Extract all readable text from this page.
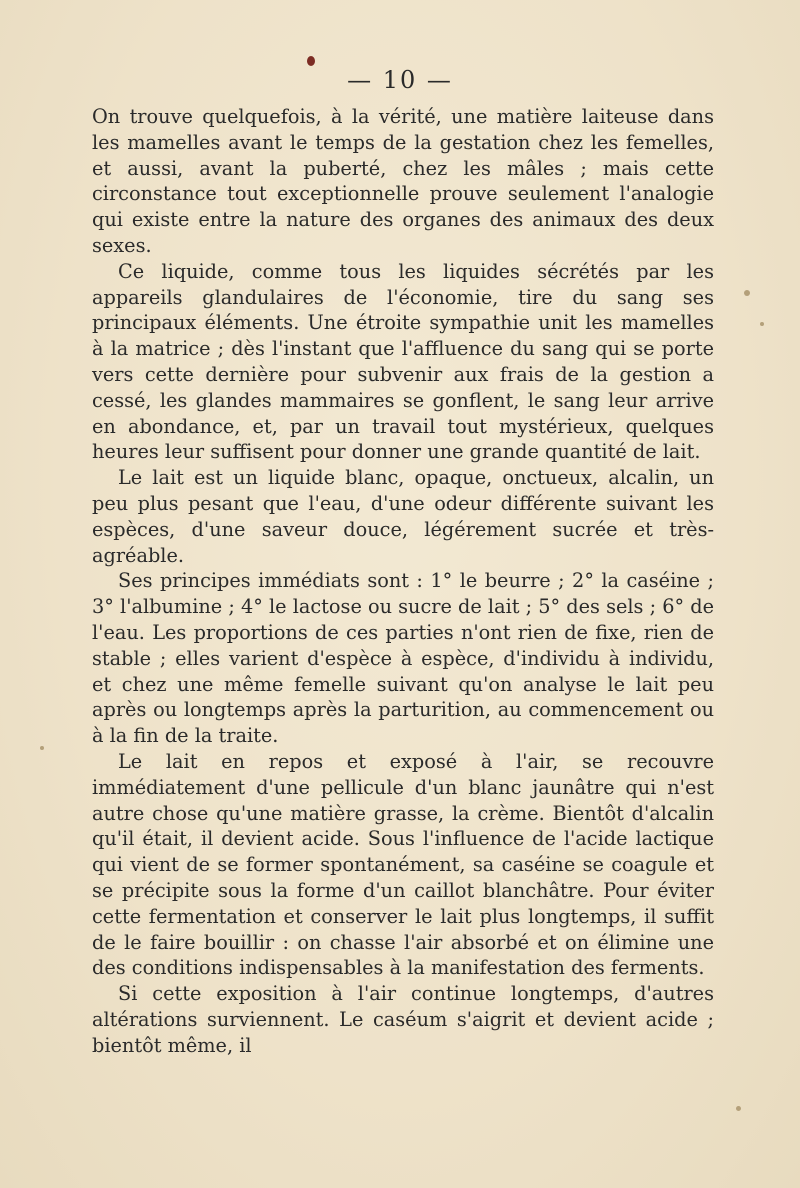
— 10 —

On trouve quelquefois, à la vérité, une matière laiteuse dans les mamelles avant le temps de la gestation chez les femelles, et aussi, avant la puberté, chez les mâles ; mais cette circonstance tout exceptionnelle prouve seulement l'analogie qui existe entre la nature des organes des animaux des deux sexes.

Ce liquide, comme tous les liquides sécrétés par les appareils glandulaires de l'économie, tire du sang ses principaux éléments. Une étroite sympathie unit les mamelles à la matrice ; dès l'instant que l'affluence du sang qui se porte vers cette dernière pour subvenir aux frais de la gestion a cessé, les glandes mammaires se gonflent, le sang leur arrive en abondance, et, par un travail tout mystérieux, quelques heures leur suffisent pour donner une grande quantité de lait.

Le lait est un liquide blanc, opaque, onctueux, alcalin, un peu plus pesant que l'eau, d'une odeur différente suivant les espèces, d'une saveur douce, légérement sucrée et très-agréable.

Ses principes immédiats sont : 1° le beurre ; 2° la caséine ; 3° l'albumine ; 4° le lactose ou sucre de lait ; 5° des sels ; 6° de l'eau. Les proportions de ces parties n'ont rien de fixe, rien de stable ; elles varient d'espèce à espèce, d'individu à individu, et chez une même femelle suivant qu'on analyse le lait peu après ou longtemps après la parturition, au commencement ou à la fin de la traite.

Le lait en repos et exposé à l'air, se recouvre immédiatement d'une pellicule d'un blanc jaunâtre qui n'est autre chose qu'une matière grasse, la crème. Bientôt d'alcalin qu'il était, il devient acide. Sous l'influence de l'acide lactique qui vient de se former spontanément, sa caséine se coagule et se précipite sous la forme d'un caillot blanchâtre. Pour éviter cette fermentation et conserver le lait plus longtemps, il suffit de le faire bouillir : on chasse l'air absorbé et on élimine une des conditions indispensables à la manifestation des ferments.

Si cette exposition à l'air continue longtemps, d'autres altérations surviennent. Le caséum s'aigrit et devient acide ; bientôt même, il
